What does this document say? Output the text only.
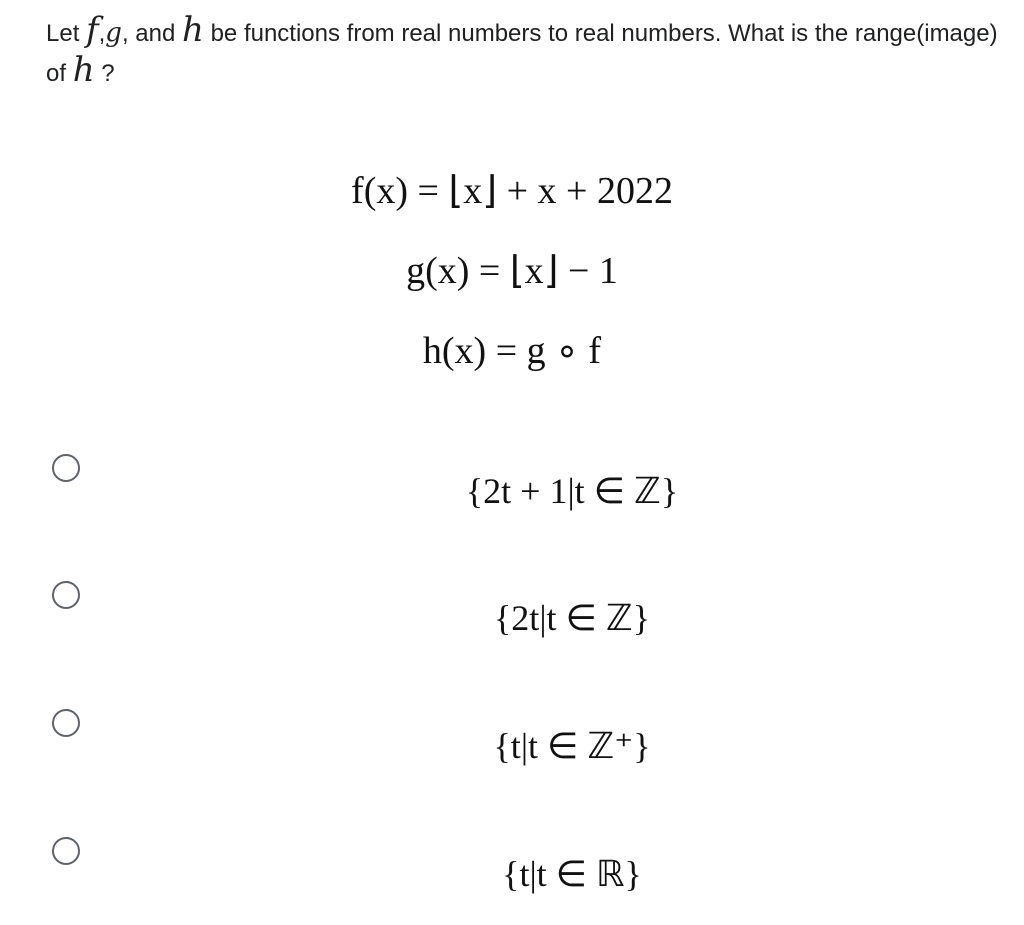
Let f,g, and h be functions from real numbers to real numbers. What is the range(image) of h ?
f(x) = ⌊x⌋ + x + 2022
g(x) = ⌊x⌋ − 1
h(x) = g ∘ f
{2t + 1|t ∈ ℤ}
{2t|t ∈ ℤ}
{t|t ∈ ℤ⁺}
{t|t ∈ ℝ}
